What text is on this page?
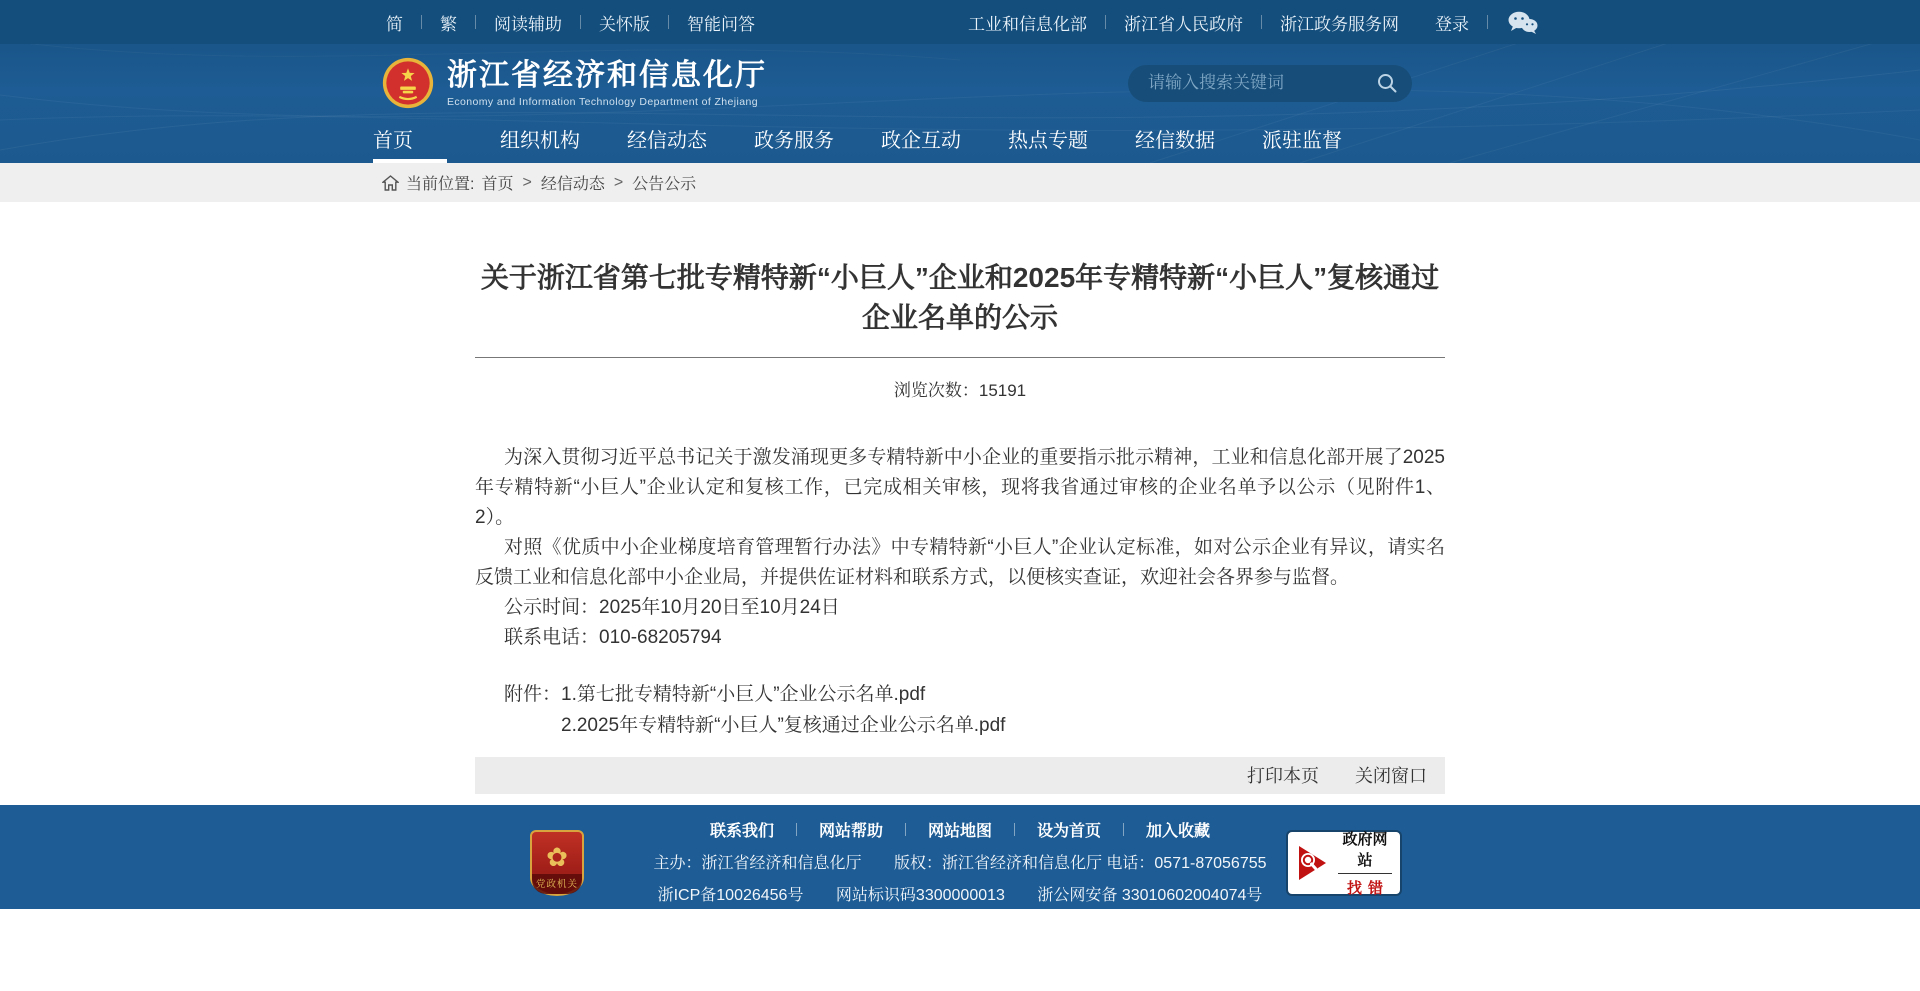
简	繁	阅读辅助	关怀版	智能问答	工业和信息化部	浙江省人民政府	浙江政务服务网	登录
浙江省经济和信息化厅
Economy and Information Technology Department of Zhejiang
请输入搜索关键词
首页	组织机构	经信动态	政务服务	政企互动	热点专题	经信数据	派驻监督
当前位置: 首页 > 经信动态 > 公告公示
关于浙江省第七批专精特新“小巨人”企业和2025年专精特新“小巨人”复核通过企业名单的公示
浏览次数：15191

为深入贯彻习近平总书记关于激发涌现更多专精特新中小企业的重要指示批示精神，工业和信息化部开展了2025年专精特新“小巨人”企业认定和复核工作，已完成相关审核，现将我省通过审核的企业名单予以公示（见附件1、2）。

对照《优质中小企业梯度培育管理暂行办法》中专精特新“小巨人”企业认定标准，如对公示企业有异议，请实名反馈工业和信息化部中小企业局，并提供佐证材料和联系方式，以便核实查证，欢迎社会各界参与监督。

公示时间：2025年10月20日至10月24日

联系电话：010-68205794

附件：1.第七批专精特新“小巨人”企业公示名单.pdf
2.2025年专精特新“小巨人”复核通过企业公示名单.pdf
打印本页 关闭窗口
✿
党政机关
联系我们	网站帮助	网站地图	设为首页	加入收藏
主办：浙江省经济和信息化厅 版权：浙江省经济和信息化厅 电话：0571-87056755
浙ICP备10026456号 网站标识码3300000013 浙公网安备 33010602004074号
政府网站
找错
